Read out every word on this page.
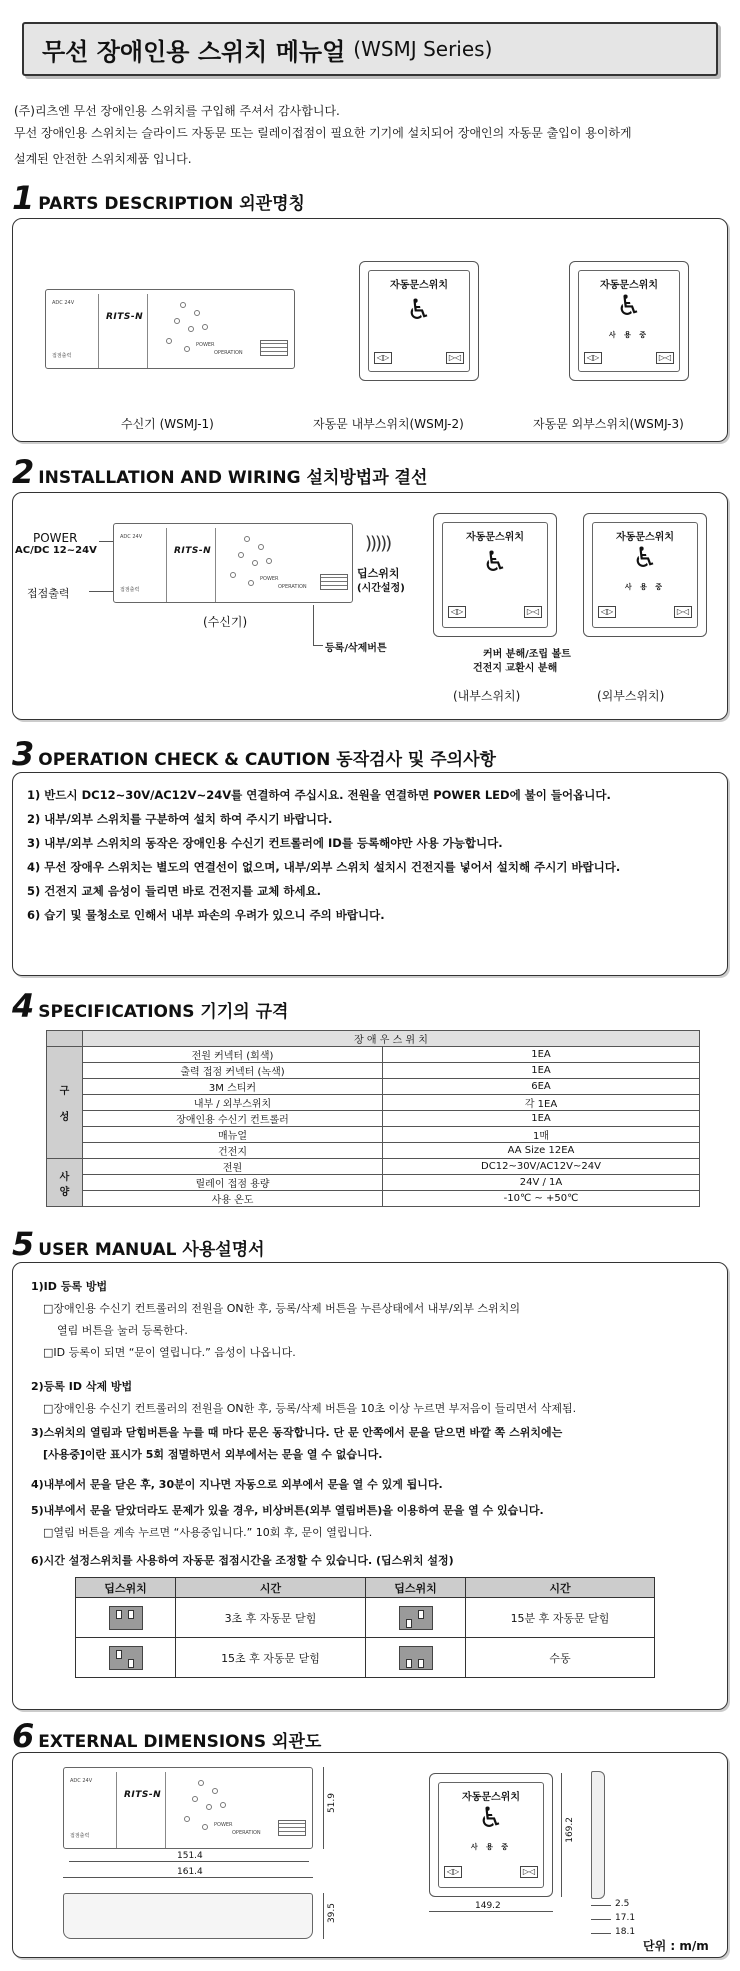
무선 장애인용 스위치 메뉴얼 (WSMJ Series)
(주)리츠엔 무선 장애인용 스위치를 구입해 주셔서 감사합니다.
무선 장애인용 스위치는 슬라이드 자동문 또는 릴레이접점이 필요한 기기에 설치되어 장애인의 자동문 출입이 용이하게
설계된 안전한 스위치제품 입니다.
1 PARTS DESCRIPTION 외관명칭
ADC 24V
접점출력
RITS-N
POWER
OPERATION
수신기 (WSMJ-1)
자동문스위치
♿
◁▷	▷◁
자동문 내부스위치(WSMJ-2)
자동문스위치
♿
사 용 중
◁▷	▷◁
자동문 외부스위치(WSMJ-3)
2 INSTALLATION AND WIRING 설치방법과 결선
POWER
AC/DC 12~24V
접점출력
ADC 24V
접점출력
RITS-N
POWER
OPERATION
(수신기)
)))))
딥스위치
(시간설정)
등록/삭제버튼
자동문스위치
♿
◁▷	▷◁
자동문스위치
♿
사 용 중
◁▷	▷◁
커버 분해/조립 볼트
건전지 교환시 분해
(내부스위치)	(외부스위치)
3 OPERATION CHECK & CAUTION 동작검사 및 주의사항
1) 반드시 DC12~30V/AC12V~24V를 연결하여 주십시요. 전원을 연결하면 POWER LED에 불이 들어옵니다.
2) 내부/외부 스위치를 구분하여 설치 하여 주시기 바랍니다.
3) 내부/외부 스위치의 동작은 장애인용 수신기 컨트롤러에 ID를 등록해야만 사용 가능합니다.
4) 무선 장애우 스위치는 별도의 연결선이 없으며, 내부/외부 스위치 설치시 건전지를 넣어서 설치해 주시기 바랍니다.
5) 건전지 교체 음성이 들리면 바로 건전지를 교체 하세요.
6) 습기 및 물청소로 인해서 내부 파손의 우려가 있으니 주의 바랍니다.
4 SPECIFICATIONS 기기의 규격
	장 애 우 스 위 치	
구

성	전원 커넥터 (회색)	1EA
	출력 접점 커넥터 (녹색)	1EA
	3M 스티커	6EA
	내부 / 외부스위치	각 1EA
	장애인용 수신기 컨트롤러	1EA
	매뉴얼	1매
	건전지	AA Size 12EA
사
양	전원	DC12~30V/AC12V~24V
	릴레이 접점 용량	24V / 1A
	사용 온도	-10℃ ~ +50℃
5 USER MANUAL 사용설명서
1)ID 등록 방법
□장애인용 수신기 컨트롤러의 전원을 ON한 후, 등록/삭제 버튼을 누른상태에서 내부/외부 스위치의
열림 버튼을 눌러 등록한다.
□ID 등록이 되면 “문이 열립니다.” 음성이 나옵니다.
2)등록 ID 삭제 방법
□장애인용 수신기 컨트롤러의 전원을 ON한 후, 등록/삭제 버튼을 10초 이상 누르면 부저음이 들리면서 삭제됨.
3)스위치의 열림과 닫힘버튼을 누를 때 마다 문은 동작합니다. 단 문 안쪽에서 문을 닫으면 바깥 쪽 스위치에는
[사용중]이란 표시가 5회 점멸하면서 외부에서는 문을 열 수 없습니다.
4)내부에서 문을 닫은 후, 30분이 지나면 자동으로 외부에서 문을 열 수 있게 됩니다.
5)내부에서 문을 닫았더라도 문제가 있을 경우, 비상버튼(외부 열림버튼)을 이용하여 문을 열 수 있습니다.
□열림 버튼을 계속 누르면 “사용중입니다.” 10회 후, 문이 열립니다.
6)시간 설정스위치를 사용하여 자동문 접점시간을 조정할 수 있습니다. (딥스위치 설정)
딥스위치	시간	딥스위치	시간

	3초 후 자동문 닫힘		15분 후 자동문 닫힘

	15초 후 자동문 닫힘		수동
6 EXTERNAL DIMENSIONS 외관도
ADC 24V
접점출력
RITS-N
POWER
OPERATION
51.9
151.4
161.4
39.5
자동문스위치
♿
사 용 중
◁▷	▷◁
169.2
149.2	2.5
17.1
18.1
단위 : m/m
